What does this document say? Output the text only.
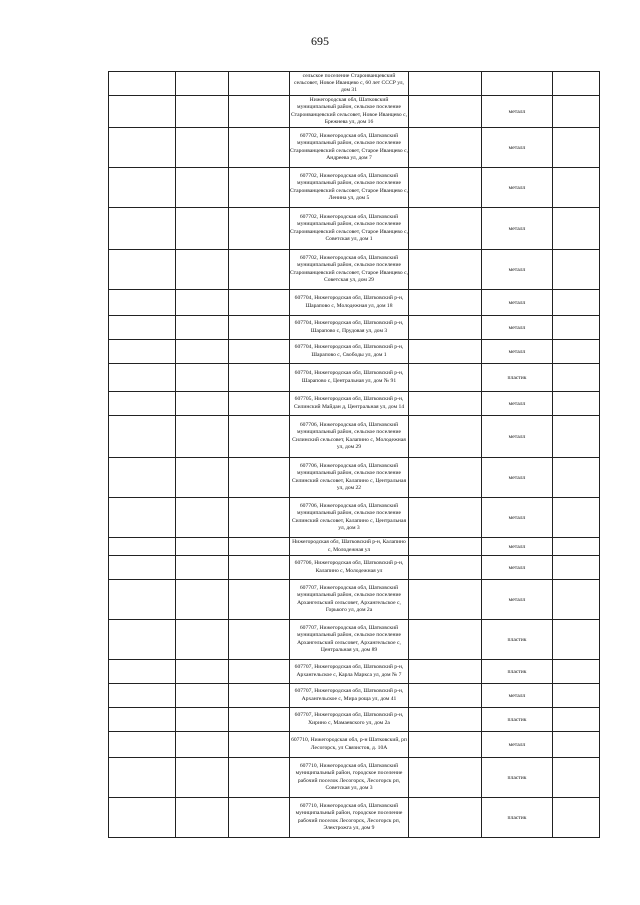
695
			сельское поселение Староиванцевский сельсовет, Новое Иванцево с, 60 лет СССР ул, дом 31			
			Нижегородская обл, Шатковский муниципальный район, сельское поселение Староиванцевский сельсовет, Новое Иванцево с, Брежнева ул, дом 16		металл	
			607702, Нижегородская обл, Шатковский муниципальный район, сельское поселение Староиванцевский сельсовет, Старое Иванцево с, Андреева ул, дом 7		металл	
			607702, Нижегородская обл, Шатковский муниципальный район, сельское поселение Староиванцевский сельсовет, Старое Иванцево с, Ленина ул, дом 5		металл	
			607702, Нижегородская обл, Шатковский муниципальный район, сельское поселение Староиванцевский сельсовет, Старое Иванцево с, Советская ул, дом 1		металл	
			607702, Нижегородская обл, Шатковский муниципальный район, сельское поселение Староиванцевский сельсовет, Старое Иванцево с, Советская ул, дом 29		металл	
			607704, Нижегородская обл, Шатковский р-н, Шарапово с, Молодежная ул, дом 18		металл	
			607704, Нижегородская обл, Шатковский р-н, Шарапово с, Прудовая ул, дом 3		металл	
			607704, Нижегородская обл, Шатковский р-н, Шарапово с, Свободы ул, дом 1		металл	
			607704, Нижегородская обл, Шатковский р-н, Шарапово с, Центральная ул, дом № 91		пластик	
			607705, Нижегородская обл, Шатковский р-н, Силинский Майдан д, Центральная ул, дом 14		металл	
			607706, Нижегородская обл, Шатковский муниципальный район, сельское поселение Силинский сельсовет, Калапино с, Молодежная ул, дом 29		металл	
			607706, Нижегородская обл, Шатковский муниципальный район, сельское поселение Силинский сельсовет, Калапино с, Центральная ул, дом 22		металл	
			607706, Нижегородская обл, Шатковский муниципальный район, сельское поселение Силинский сельсовет, Калапино с, Центральная ул, дом 3		металл	
			Нижегородская обл, Шатковский р-н, Калапино с, Молодежная ул		металл	
			607706, Нижегородская обл, Шатковский р-н, Калапино с, Молодежная ул		металл	
			607707, Нижегородская обл, Шатковский муниципальный район, сельское поселение Архангельский сельсовет, Архангельское с, Горького ул, дом 2а		металл	
			607707, Нижегородская обл, Шатковский муниципальный район, сельское поселение Архангельский сельсовет, Архангельское с, Центральная ул, дом 89		пластик	
			607707, Нижегородская обл, Шатковский р-н, Архангельское с, Карла Маркса ул, дом № 7		пластик	
			607707, Нижегородская обл, Шатковский р-н, Архангельское с, Мира роща ул, дом 41		металл	
			607707, Нижегородская обл, Шатковский р-н, Хирино с, Мамаевского ул, дом 2а		пластик	
			607710, Нижегородская обл, р-н Шатковский, рп Лесогорск, ул Связистов, д. 10А		металл	
			607710, Нижегородская обл, Шатковский муниципальный район, городское поселение рабочий поселок Лесогорск, Лесогорск рп, Советская ул, дом 3		пластик	
			607710, Нижегородская обл, Шатковский муниципальный район, городское поселение рабочий поселок Лесогорск, Лесогорск рп, Электрожга ул, дом 9		пластик	
